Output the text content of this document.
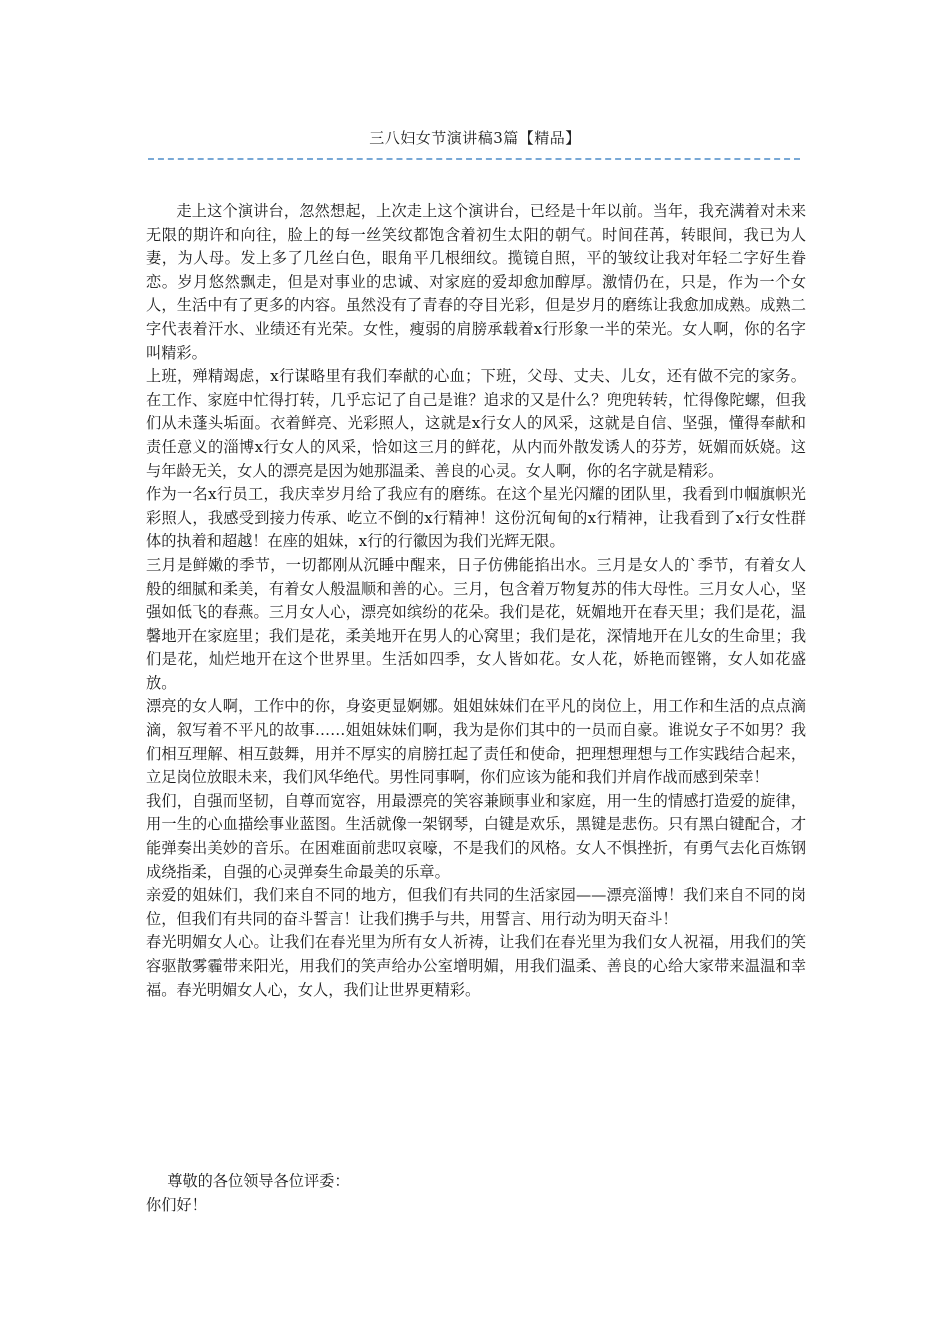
三八妇女节演讲稿3篇【精品】

走上这个演讲台，忽然想起，上次走上这个演讲台，已经是十年以前。当年，我充满着对未来无限的期许和向往，脸上的每一丝笑纹都饱含着初生太阳的朝气。时间荏苒，转眼间，我已为人妻，为人母。发上多了几丝白色，眼角平几根细纹。揽镜自照，平的皱纹让我对年轻二字好生眷恋。岁月悠然飘走，但是对事业的忠诚、对家庭的爱却愈加醇厚。激情仍在，只是，作为一个女人，生活中有了更多的内容。虽然没有了青春的夺目光彩，但是岁月的磨练让我愈加成熟。成熟二字代表着汗水、业绩还有光荣。女性，瘦弱的肩膀承载着x行形象一半的荣光。女人啊，你的名字叫精彩。

上班，殚精竭虑，x行谋略里有我们奉献的心血；下班，父母、丈夫、儿女，还有做不完的家务。在工作、家庭中忙得打转，几乎忘记了自己是谁？追求的又是什么？兜兜转转，忙得像陀螺，但我们从未蓬头垢面。衣着鲜亮、光彩照人，这就是x行女人的风采，这就是自信、坚强，懂得奉献和责任意义的淄博x行女人的风采，恰如这三月的鲜花，从内而外散发诱人的芬芳，妩媚而妖娆。这与年龄无关，女人的漂亮是因为她那温柔、善良的心灵。女人啊，你的名字就是精彩。

作为一名x行员工，我庆幸岁月给了我应有的磨练。在这个星光闪耀的团队里，我看到巾帼旗帜光彩照人，我感受到接力传承、屹立不倒的x行精神！这份沉甸甸的x行精神，让我看到了x行女性群体的执着和超越！在座的姐妹，x行的行徽因为我们光辉无限。

三月是鲜嫩的季节，一切都刚从沉睡中醒来，日子仿佛能掐出水。三月是女人的`季节，有着女人般的细腻和柔美，有着女人般温顺和善的心。三月，包含着万物复苏的伟大母性。三月女人心，坚强如低飞的春燕。三月女人心，漂亮如缤纷的花朵。我们是花，妩媚地开在春天里；我们是花，温馨地开在家庭里；我们是花，柔美地开在男人的心窝里；我们是花，深情地开在儿女的生命里；我们是花，灿烂地开在这个世界里。生活如四季，女人皆如花。女人花，娇艳而铿锵，女人如花盛放。

漂亮的女人啊，工作中的你，身姿更显婀娜。姐姐妹妹们在平凡的岗位上，用工作和生活的点点滴滴，叙写着不平凡的故事……姐姐妹妹们啊，我为是你们其中的一员而自豪。谁说女子不如男？我们相互理解、相互鼓舞，用并不厚实的肩膀扛起了责任和使命，把理想理想与工作实践结合起来，立足岗位放眼未来，我们风华绝代。男性同事啊，你们应该为能和我们并肩作战而感到荣幸！

我们，自强而坚韧，自尊而宽容，用最漂亮的笑容兼顾事业和家庭，用一生的情感打造爱的旋律，用一生的心血描绘事业蓝图。生活就像一架钢琴，白键是欢乐，黑键是悲伤。只有黑白键配合，才能弹奏出美妙的音乐。在困难面前悲叹哀嚎，不是我们的风格。女人不惧挫折，有勇气去化百炼钢成绕指柔，自强的心灵弹奏生命最美的乐章。

亲爱的姐妹们，我们来自不同的地方，但我们有共同的生活家园——漂亮淄博！我们来自不同的岗位，但我们有共同的奋斗誓言！让我们携手与共，用誓言、用行动为明天奋斗！

春光明媚女人心。让我们在春光里为所有女人祈祷，让我们在春光里为我们女人祝福，用我们的笑容驱散雾霾带来阳光，用我们的笑声给办公室增明媚，用我们温柔、善良的心给大家带来温温和幸福。春光明媚女人心，女人，我们让世界更精彩。

尊敬的各位领导各位评委：

你们好！
